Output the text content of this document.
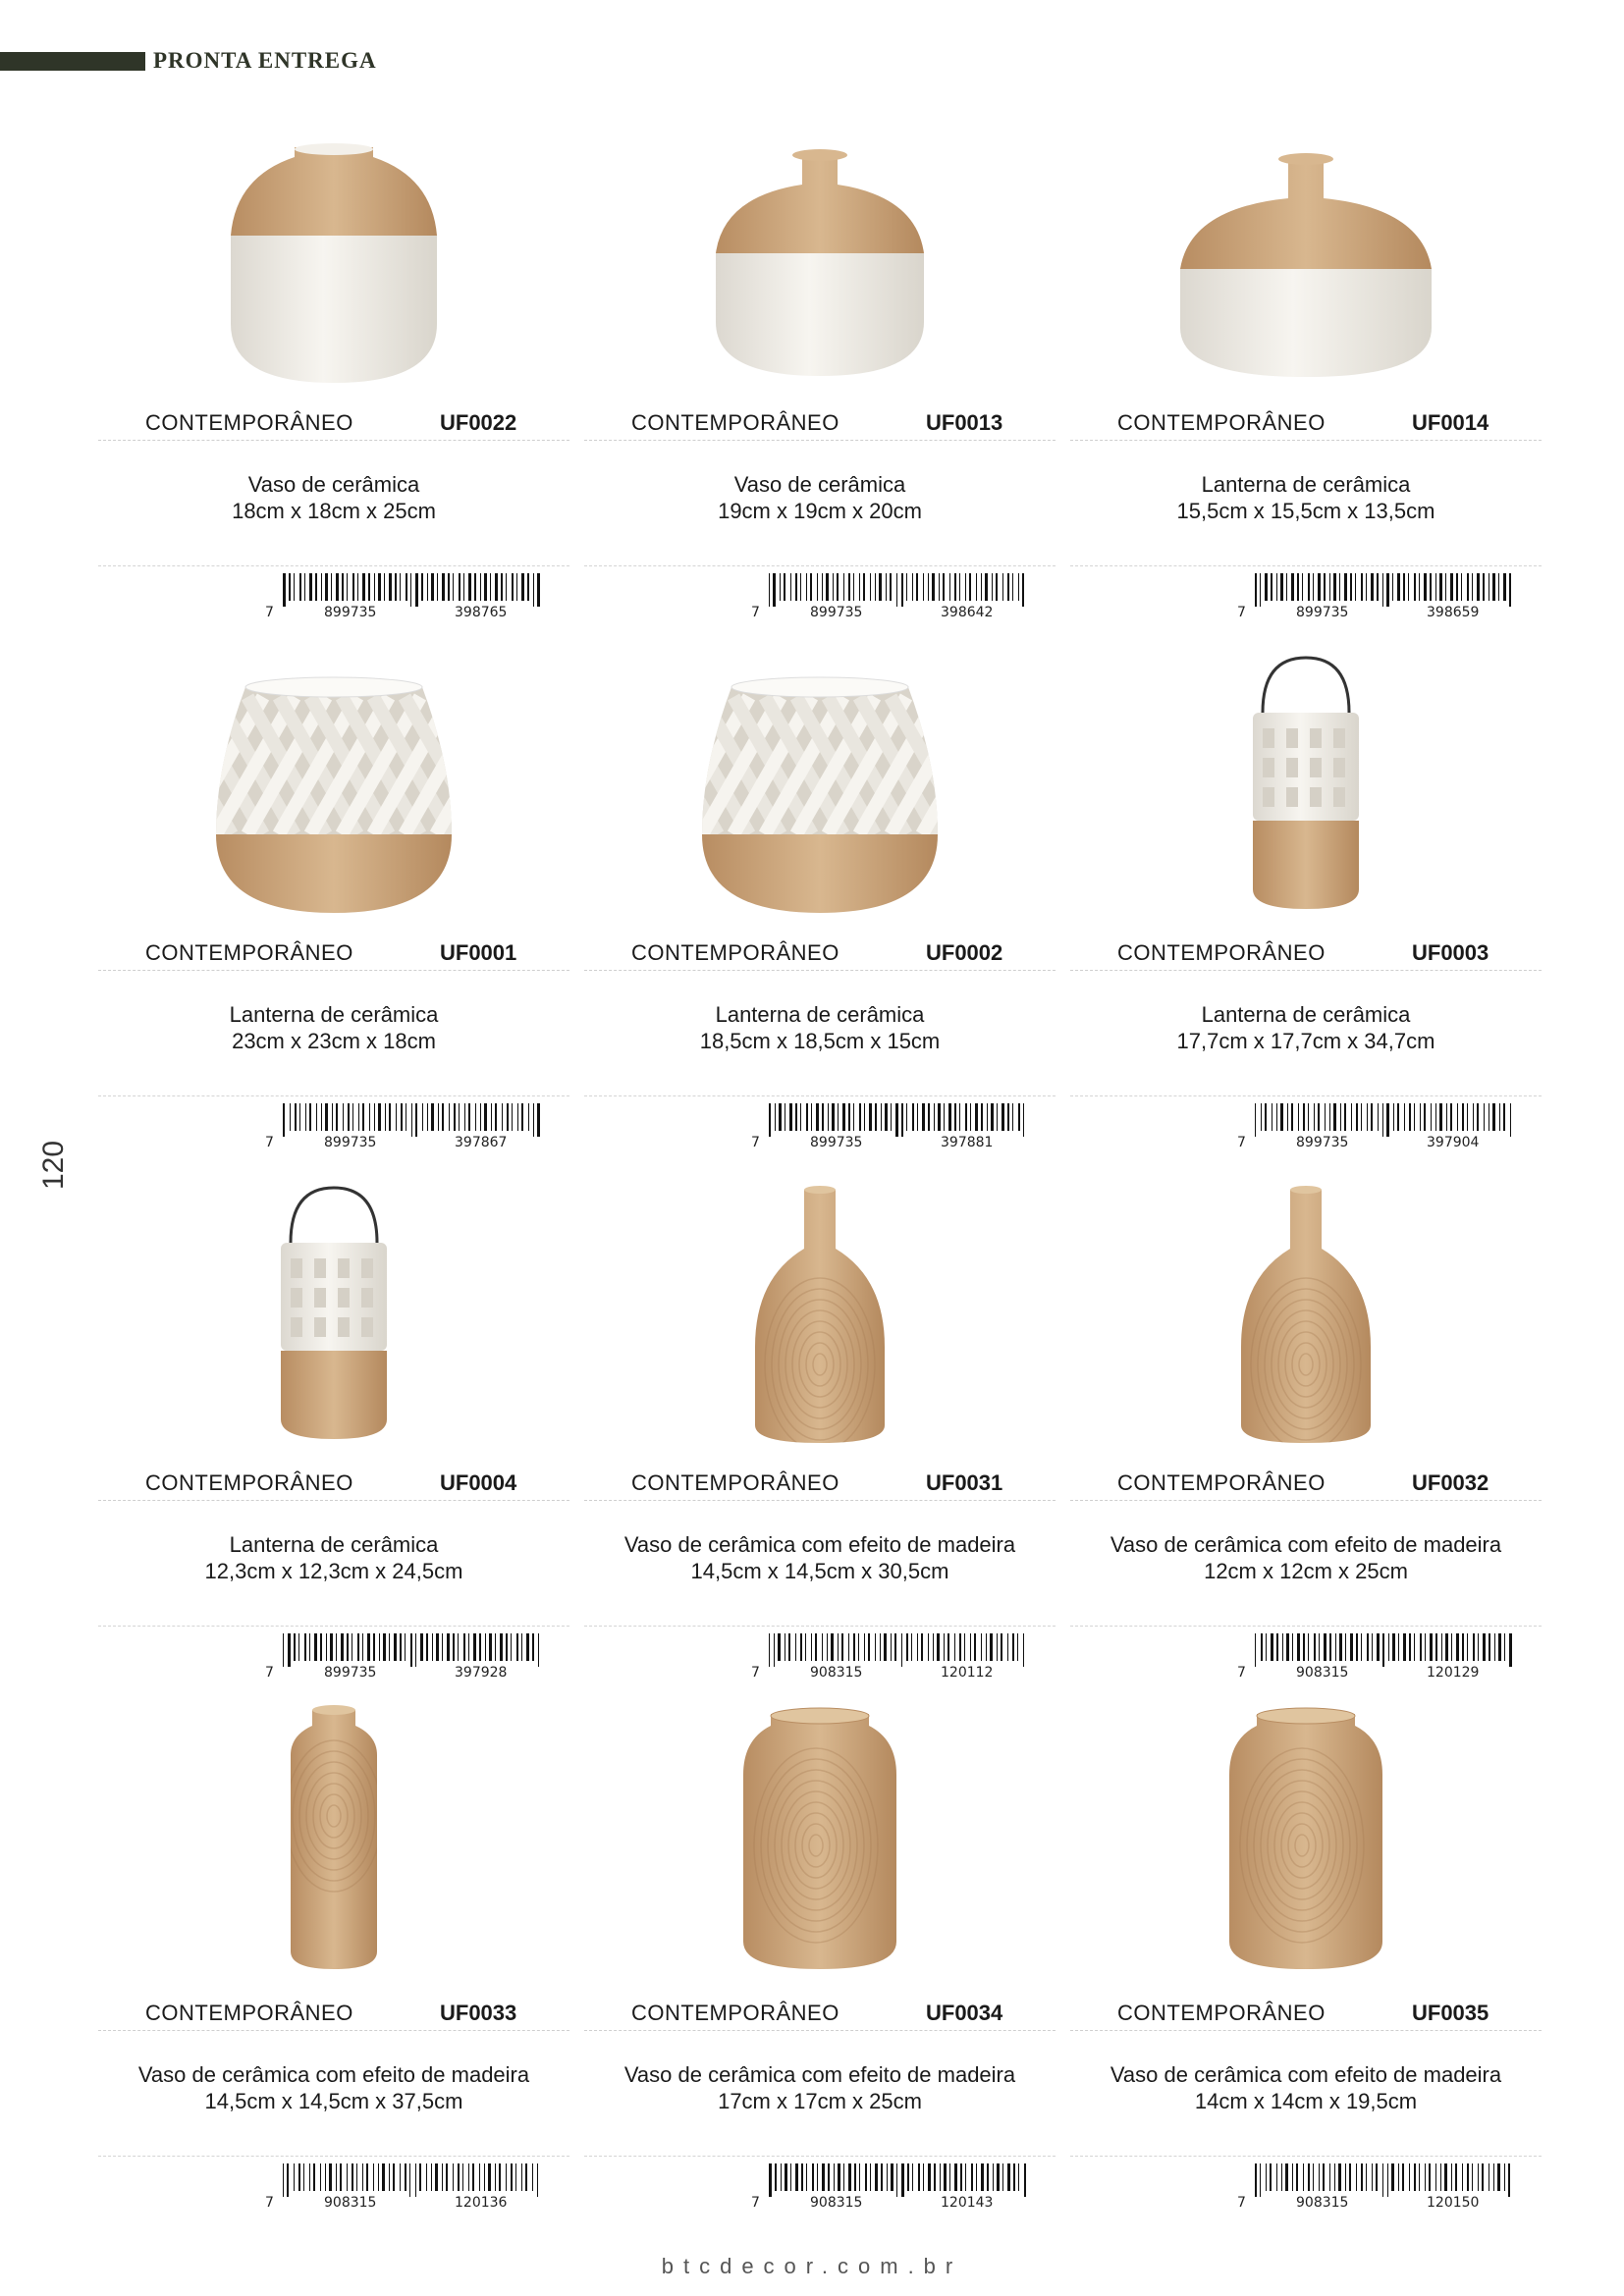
PRONTA ENTREGA
120
CONTEMPORÂNEO	UF0022
Vaso de cerâmica
18cm x 18cm x 25cm
7	899735	398765
CONTEMPORÂNEO	UF0013
Vaso de cerâmica
19cm x 19cm x 20cm
7	899735	398642
CONTEMPORÂNEO	UF0014
Lanterna de cerâmica
15,5cm x 15,5cm x 13,5cm
7	899735	398659
CONTEMPORÂNEO	UF0001
Lanterna de cerâmica
23cm x 23cm x 18cm
7	899735	397867
CONTEMPORÂNEO	UF0002
Lanterna de cerâmica
18,5cm x 18,5cm x 15cm
7	899735	397881
CONTEMPORÂNEO	UF0003
Lanterna de cerâmica
17,7cm x 17,7cm x 34,7cm
7	899735	397904
CONTEMPORÂNEO	UF0004
Lanterna de cerâmica
12,3cm x 12,3cm x 24,5cm
7	899735	397928
CONTEMPORÂNEO	UF0031
Vaso de cerâmica com efeito de madeira
14,5cm x 14,5cm x 30,5cm
7	908315	120112
CONTEMPORÂNEO	UF0032
Vaso de cerâmica com efeito de madeira
12cm x 12cm x 25cm
7	908315	120129
CONTEMPORÂNEO	UF0033
Vaso de cerâmica com efeito de madeira
14,5cm x 14,5cm x 37,5cm
7	908315	120136
CONTEMPORÂNEO	UF0034
Vaso de cerâmica com efeito de madeira
17cm x 17cm x 25cm
7	908315	120143
CONTEMPORÂNEO	UF0035
Vaso de cerâmica com efeito de madeira
14cm x 14cm x 19,5cm
7	908315	120150
btcdecor.com.br
